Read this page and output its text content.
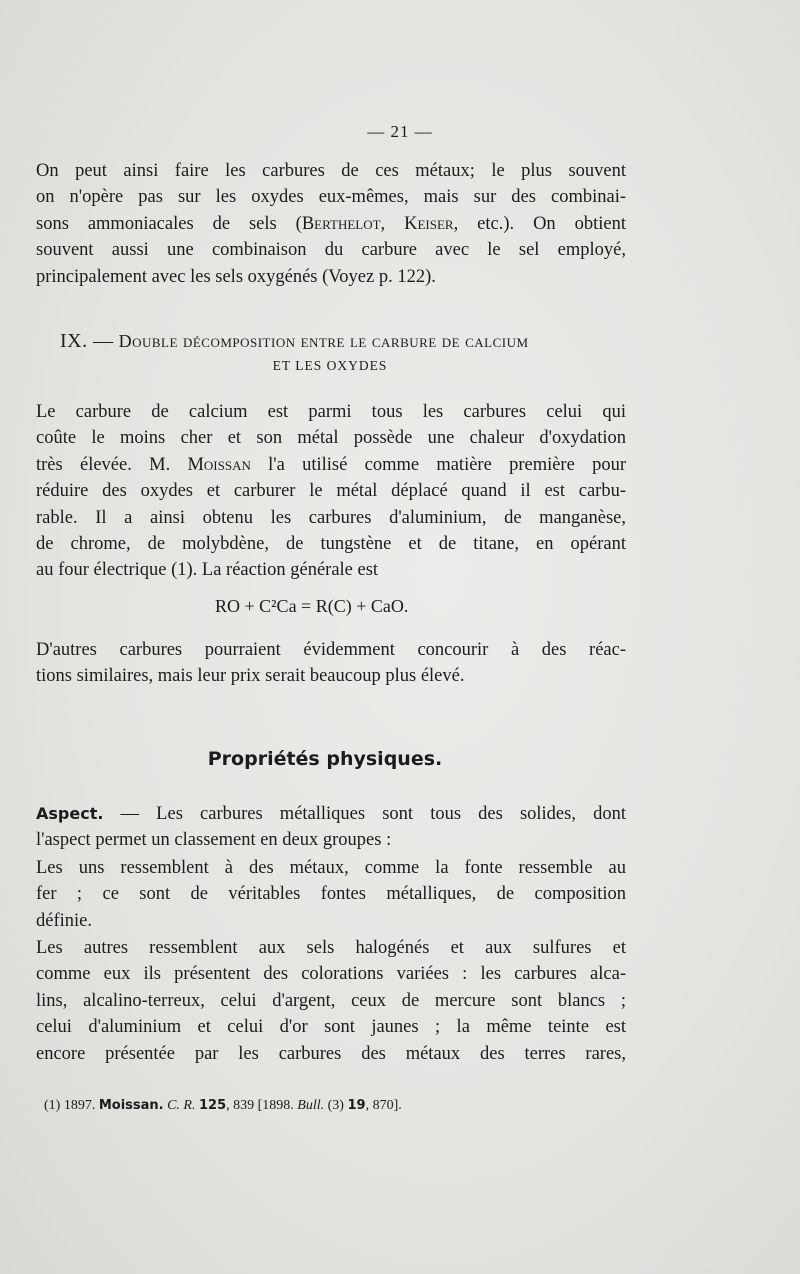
— 21 —
On peut ainsi faire les carbures de ces métaux; le plus souvent
on n'opère pas sur les oxydes eux-mêmes, mais sur des combinai-
sons ammoniacales de sels (Berthelot, Keiser, etc.). On obtient
souvent aussi une combinaison du carbure avec le sel employé,
principalement avec les sels oxygénés (Voyez p. 122).
IX. — Double décomposition entre le carbure de calcium
ET LES OXYDES
Le carbure de calcium est parmi tous les carbures celui qui
coûte le moins cher et son métal possède une chaleur d'oxydation
très élevée. M. Moissan l'a utilisé comme matière première pour
réduire des oxydes et carburer le métal déplacé quand il est carbu-
rable. Il a ainsi obtenu les carbures d'aluminium, de manganèse,
de chrome, de molybdène, de tungstène et de titane, en opérant
au four électrique (1). La réaction générale est
RO + C²Ca = R(C) + CaO.
D'autres carbures pourraient évidemment concourir à des réac-
tions similaires, mais leur prix serait beaucoup plus élevé.
Propriétés physiques.
Aspect. — Les carbures métalliques sont tous des solides, dont
l'aspect permet un classement en deux groupes :
Les uns ressemblent à des métaux, comme la fonte ressemble au
fer ; ce sont de véritables fontes métalliques, de composition
définie.
Les autres ressemblent aux sels halogénés et aux sulfures et
comme eux ils présentent des colorations variées : les carbures alca-
lins, alcalino-terreux, celui d'argent, ceux de mercure sont blancs ;
celui d'aluminium et celui d'or sont jaunes ; la même teinte est
encore présentée par les carbures des métaux des terres rares,
(1) 1897. Moissan. C. R. 125, 839 [1898. Bull. (3) 19, 870].
